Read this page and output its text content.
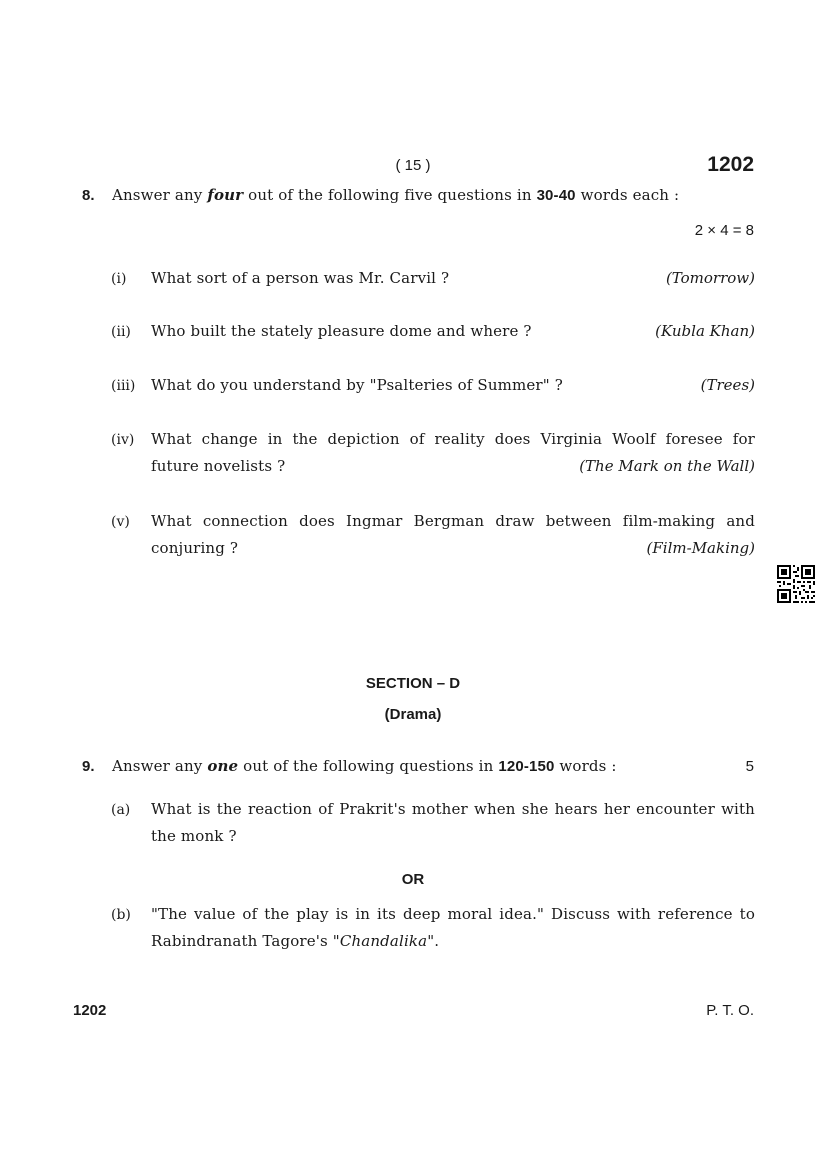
( 15 )	1202
8. Answer any four out of the following five questions in 30-40 words each :
2 × 4 = 8
(i) What sort of a person was Mr. Carvil ?	(Tomorrow)
(ii) Who built the stately pleasure dome and where ?	(Kubla Khan)
(iii) What do you understand by "Psalteries of Summer" ?	(Trees)
(iv) What change in the depiction of reality does Virginia Woolf foresee for
future novelists ?	(The Mark on the Wall)
(v) What connection does Ingmar Bergman draw between film-making and
conjuring ?	(Film-Making)
SECTION – D
(Drama)
9. Answer any one out of the following questions in 120-150 words :	5
(a) What is the reaction of Prakrit's mother when she hears her encounter with
the monk ?
OR
(b) "The value of the play is in its deep moral idea." Discuss with reference to
Rabindranath Tagore's "Chandalika".
1202	P. T. O.
